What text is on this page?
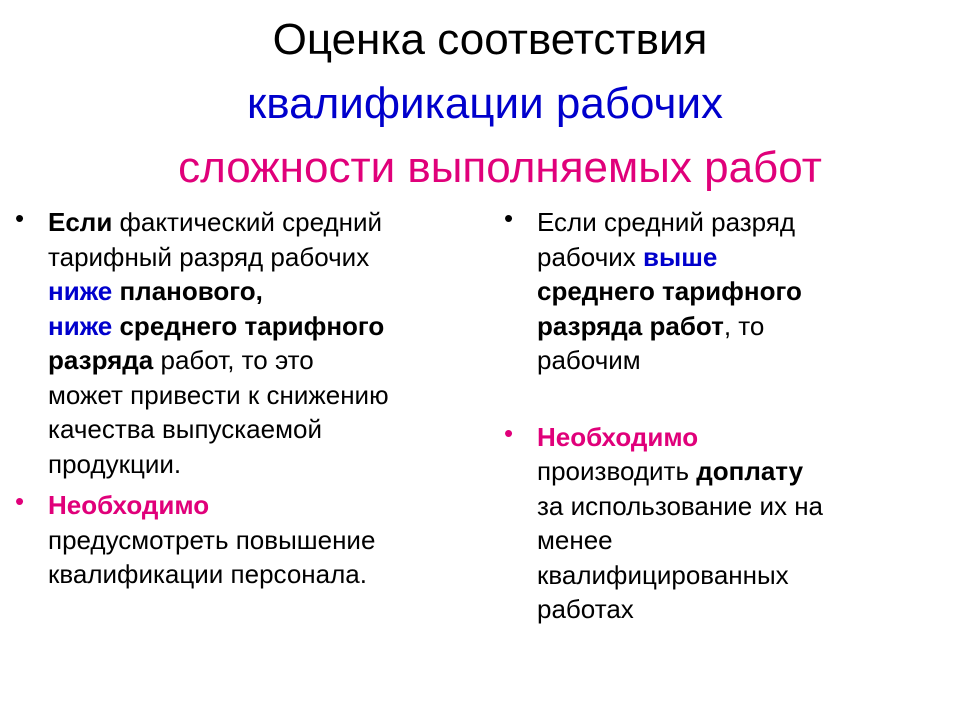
Оценка соответствия
квалификации рабочих
сложности выполняемых работ
• Если фактический средний
тарифный разряд рабочих
ниже планового,
ниже среднего тарифного
разряда работ, то это
может привести к снижению
качества выпускаемой
продукции.
• Необходимо
предусмотреть повышение
квалификации персонала.
• Если средний разряд
рабочих выше
среднего тарифного
разряда работ, то
рабочим
• Необходимо
производить доплату
за использование их на
менее
квалифицированных
работах
